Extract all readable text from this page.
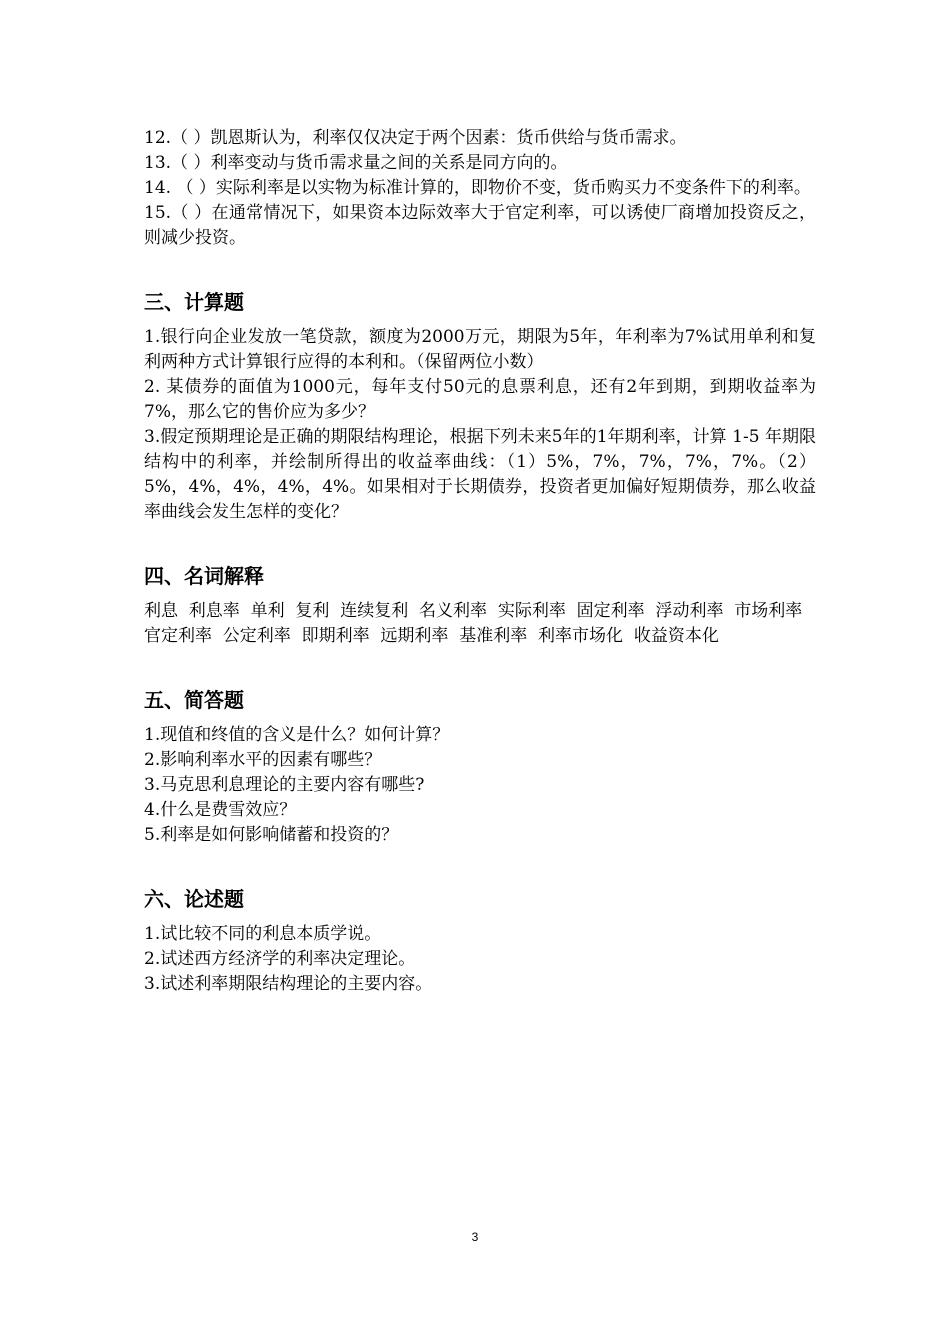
12.（ ）凯恩斯认为，利率仅仅决定于两个因素：货币供给与货币需求。

13.（ ）利率变动与货币需求量之间的关系是同方向的。

14. （ ）实际利率是以实物为标准计算的，即物价不变，货币购买力不变条件下的利率。

15.（ ）在通常情况下，如果资本边际效率大于官定利率，可以诱使厂商增加投资反之，则减少投资。

三、计算题

1.银行向企业发放一笔贷款，额度为2000万元，期限为5年，年利率为7%试用单利和复利两种方式计算银行应得的本利和。（保留两位小数）

2. 某债券的面值为1000元，每年支付50元的息票利息，还有2年到期，到期收益率为7%，那么它的售价应为多少？

3.假定预期理论是正确的期限结构理论，根据下列未来5年的1年期利率，计算 1-5 年期限结构中的利率，并绘制所得出的收益率曲线：（1）5%，7%，7%，7%，7%。（2）5%，4%，4%，4%，4%。如果相对于长期债券，投资者更加偏好短期债券，那么收益率曲线会发生怎样的变化？

四、名词解释

利息  利息率  单利  复利  连续复利  名义利率  实际利率  固定利率  浮动利率  市场利率  官定利率  公定利率  即期利率  远期利率  基准利率  利率市场化  收益资本化

五、简答题

1.现值和终值的含义是什么？如何计算？

2.影响利率水平的因素有哪些？

3.马克思利息理论的主要内容有哪些?

4.什么是费雪效应？

5.利率是如何影响储蓄和投资的？

六、论述题

1.试比较不同的利息本质学说。

2.试述西方经济学的利率决定理论。

3.试述利率期限结构理论的主要内容。

3
